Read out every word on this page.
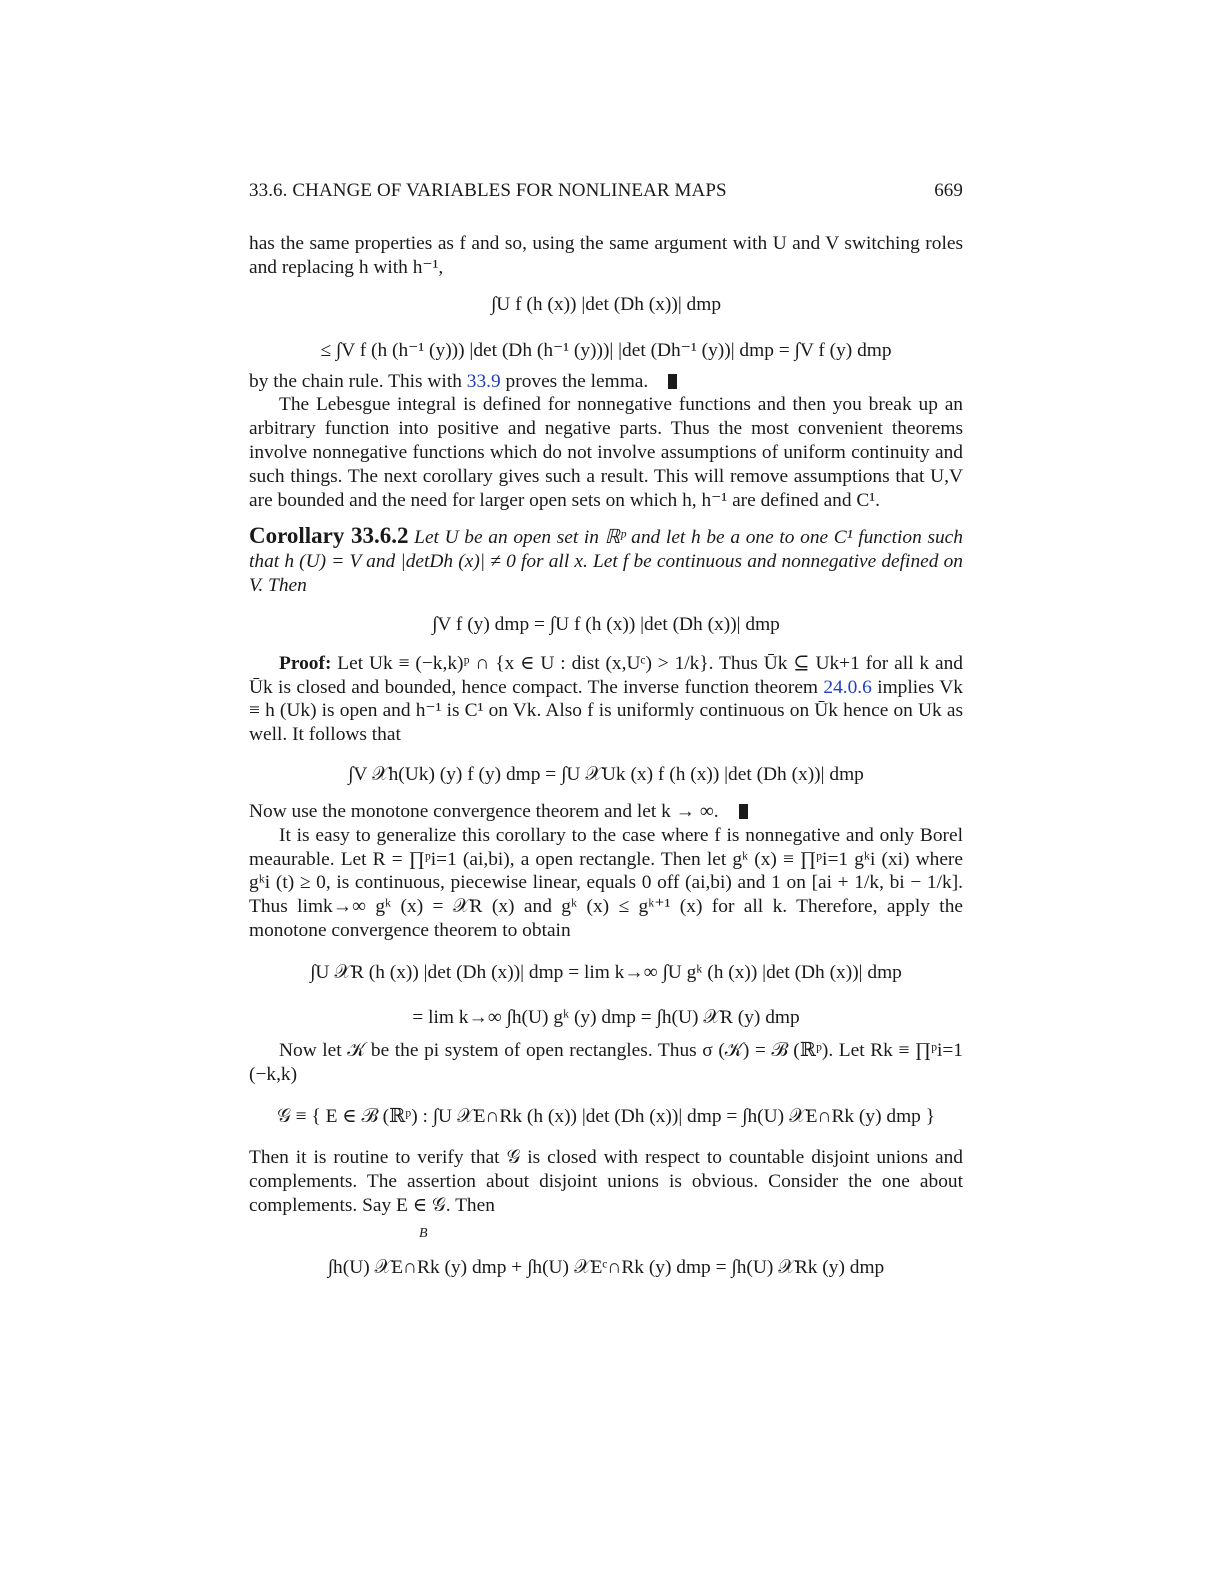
33.6. CHANGE OF VARIABLES FOR NONLINEAR MAPS	669

has the same properties as f and so, using the same argument with U and V switching roles and replacing h with h⁻¹,

∫U f (h (x)) |det (Dh (x))| dmp

≤ ∫V f (h (h⁻¹ (y))) |det (Dh (h⁻¹ (y)))| |det (Dh⁻¹ (y))| dmp = ∫V f (y) dmp

by the chain rule. This with 33.9 proves the lemma.

The Lebesgue integral is defined for nonnegative functions and then you break up an arbitrary function into positive and negative parts. Thus the most convenient theorems involve nonnegative functions which do not involve assumptions of uniform continuity and such things. The next corollary gives such a result. This will remove assumptions that U,V are bounded and the need for larger open sets on which h, h⁻¹ are defined and C¹.

Corollary 33.6.2 Let U be an open set in ℝᵖ and let h be a one to one C¹ function such that h (U) = V and |detDh (x)| ≠ 0 for all x. Let f be continuous and nonnegative defined on V. Then

∫V f (y) dmp = ∫U f (h (x)) |det (Dh (x))| dmp

Proof: Let Uk ≡ (−k,k)ᵖ ∩ {x ∈ U : dist (x,Uᶜ) > 1/k}. Thus Ūk ⊆ Uk+1 for all k and Ūk is closed and bounded, hence compact. The inverse function theorem 24.0.6 implies Vk ≡ h (Uk) is open and h⁻¹ is C¹ on Vk. Also f is uniformly continuous on Ūk hence on Uk as well. It follows that

∫V 𝒳h(Uk) (y) f (y) dmp = ∫U 𝒳Uk (x) f (h (x)) |det (Dh (x))| dmp

Now use the monotone convergence theorem and let k → ∞.

It is easy to generalize this corollary to the case where f is nonnegative and only Borel meaurable. Let R = ∏ᵖi=1 (ai,bi), a open rectangle. Then let gᵏ (x) ≡ ∏ᵖi=1 gᵏi (xi) where gᵏi (t) ≥ 0, is continuous, piecewise linear, equals 0 off (ai,bi) and 1 on [ai + 1/k, bi − 1/k]. Thus limk→∞ gᵏ (x) = 𝒳R (x) and gᵏ (x) ≤ gᵏ⁺¹ (x) for all k. Therefore, apply the monotone convergence theorem to obtain

∫U 𝒳R (h (x)) |det (Dh (x))| dmp = lim k→∞ ∫U gᵏ (h (x)) |det (Dh (x))| dmp

= lim k→∞ ∫h(U) gᵏ (y) dmp = ∫h(U) 𝒳R (y) dmp

Now let 𝒦 be the pi system of open rectangles. Thus σ (𝒦) = ℬ (ℝᵖ). Let Rk ≡ ∏ᵖi=1 (−k,k)

𝒢 ≡ { E ∈ ℬ (ℝᵖ) : ∫U 𝒳E∩Rk (h (x)) |det (Dh (x))| dmp = ∫h(U) 𝒳E∩Rk (y) dmp }

Then it is routine to verify that 𝒢 is closed with respect to countable disjoint unions and complements. The assertion about disjoint unions is obvious. Consider the one about complements. Say E ∈ 𝒢. Then

B

∫h(U) 𝒳E∩Rk (y) dmp + ∫h(U) 𝒳Eᶜ∩Rk (y) dmp = ∫h(U) 𝒳Rk (y) dmp
